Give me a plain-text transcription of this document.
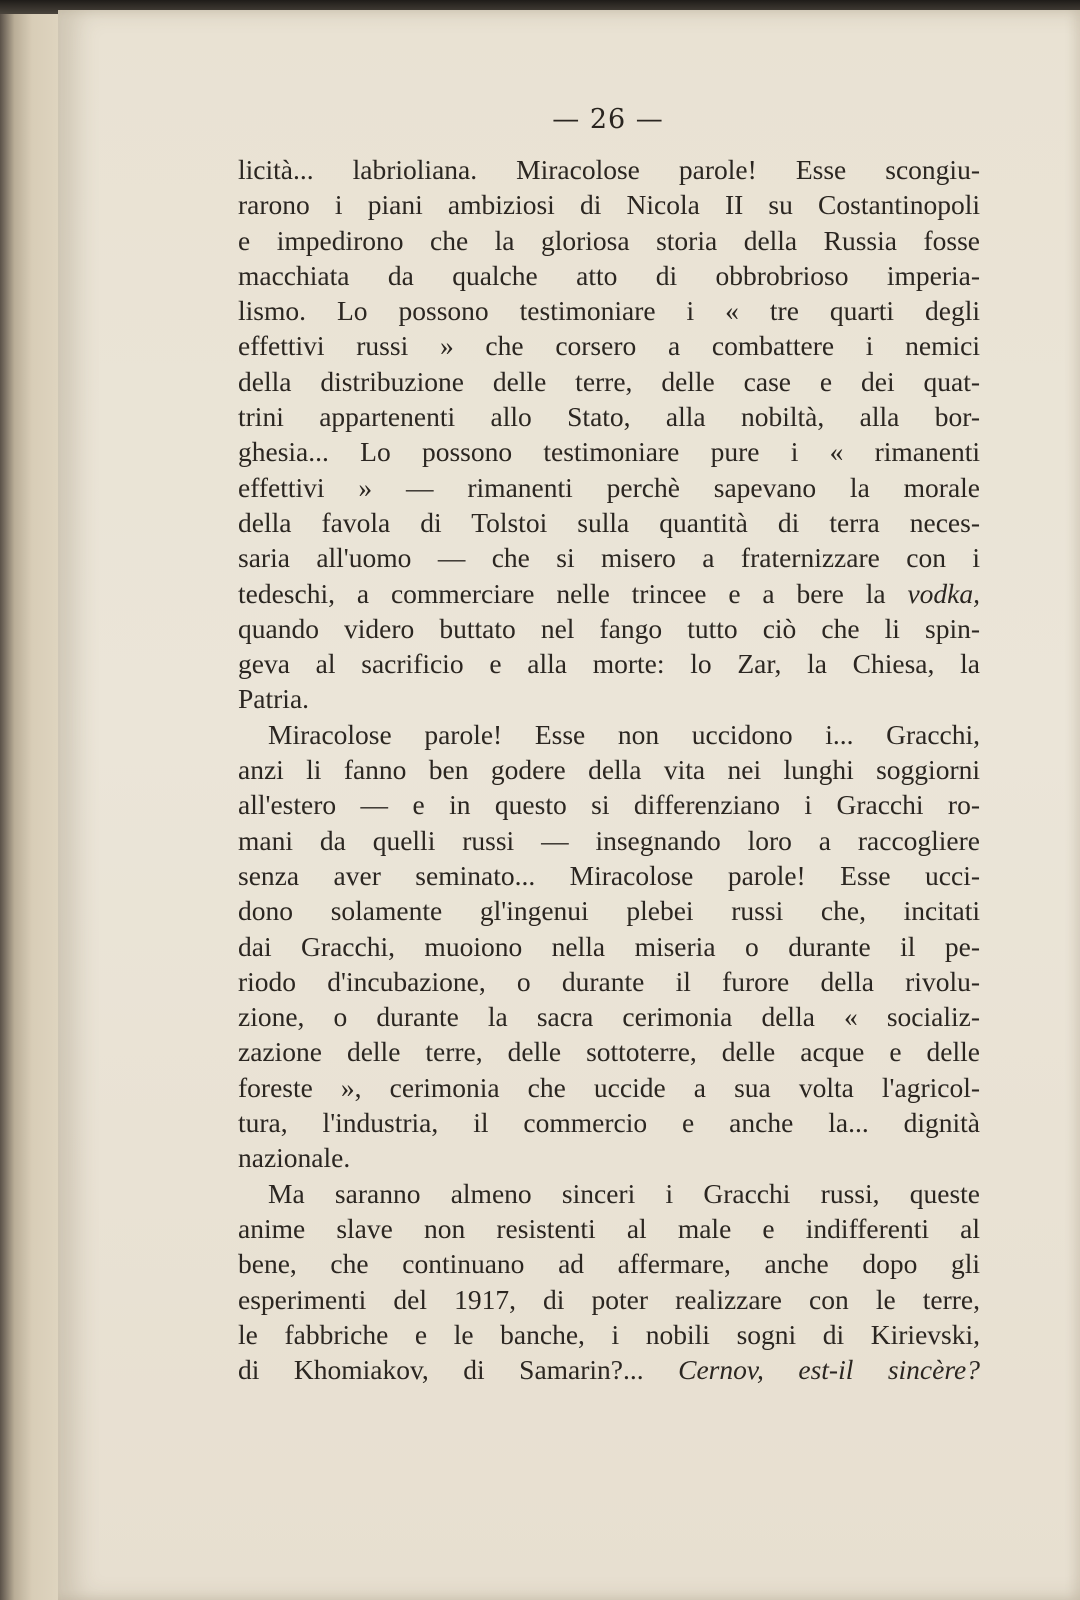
— 26 —

licità... labrioliana. Miracolose parole! Esse scongiu-
rarono i piani ambiziosi di Nicola II su Costantinopoli
e impedirono che la gloriosa storia della Russia fosse
macchiata da qualche atto di obbrobrioso imperia-
lismo. Lo possono testimoniare i « tre quarti degli
effettivi russi » che corsero a combattere i nemici
della distribuzione delle terre, delle case e dei quat-
trini appartenenti allo Stato, alla nobiltà, alla bor-
ghesia... Lo possono testimoniare pure i « rimanenti
effettivi » — rimanenti perchè sapevano la morale
della favola di Tolstoi sulla quantità di terra neces-
saria all'uomo — che si misero a fraternizzare con i
tedeschi, a commerciare nelle trincee e a bere la vodka,
quando videro buttato nel fango tutto ciò che li spin-
geva al sacrificio e alla morte: lo Zar, la Chiesa, la
Patria.

Miracolose parole! Esse non uccidono i... Gracchi,
anzi li fanno ben godere della vita nei lunghi soggiorni
all'estero — e in questo si differenziano i Gracchi ro-
mani da quelli russi — insegnando loro a raccogliere
senza aver seminato... Miracolose parole! Esse ucci-
dono solamente gl'ingenui plebei russi che, incitati
dai Gracchi, muoiono nella miseria o durante il pe-
riodo d'incubazione, o durante il furore della rivolu-
zione, o durante la sacra cerimonia della « socializ-
zazione delle terre, delle sottoterre, delle acque e delle
foreste », cerimonia che uccide a sua volta l'agricol-
tura, l'industria, il commercio e anche la... dignità
nazionale.

Ma saranno almeno sinceri i Gracchi russi, queste
anime slave non resistenti al male e indifferenti al
bene, che continuano ad affermare, anche dopo gli
esperimenti del 1917, di poter realizzare con le terre,
le fabbriche e le banche, i nobili sogni di Kirievski,
di Khomiakov, di Samarin?... Cernov, est-il sincère?
